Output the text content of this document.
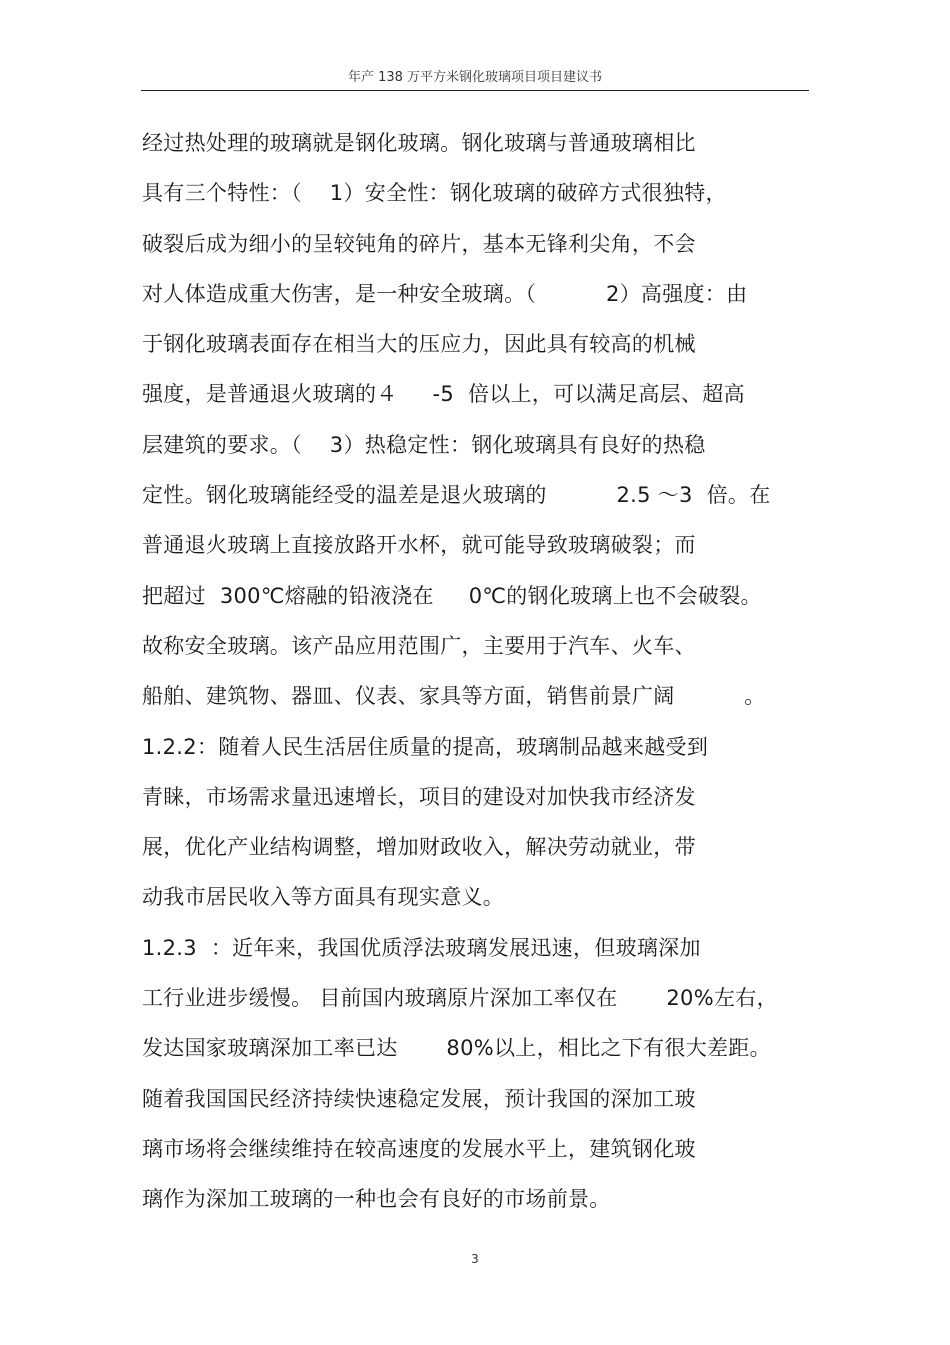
年产 138 万平方米钢化玻璃项目项目建议书
经过热处理的玻璃就是钢化玻璃。钢化玻璃与普通玻璃相比
具有三个特性：（    1）安全性：钢化玻璃的破碎方式很独特，
破裂后成为细小的呈较钝角的碎片，基本无锋利尖角，不会
对人体造成重大伤害，是一种安全玻璃。（          2）高强度：由
于钢化玻璃表面存在相当大的压应力，因此具有较高的机械
强度，是普通退火玻璃的４     -5  倍以上，可以满足高层、超高
层建筑的要求。（    3）热稳定性：钢化玻璃具有良好的热稳
定性。钢化玻璃能经受的温差是退火玻璃的          2.5 ～3  倍。在
普通退火玻璃上直接放路开水杯，就可能导致玻璃破裂；而
把超过  300℃熔融的铅液浇在     0℃的钢化玻璃上也不会破裂。
故称安全玻璃。该产品应用范围广，主要用于汽车、火车、
船舶、建筑物、器皿、仪表、家具等方面，销售前景广阔          。
1.2.2：随着人民生活居住质量的提高，玻璃制品越来越受到
青睐，市场需求量迅速增长，项目的建设对加快我市经济发
展，优化产业结构调整，增加财政收入，解决劳动就业，带
动我市居民收入等方面具有现实意义。
1.2.3  ：近年来，我国优质浮法玻璃发展迅速，但玻璃深加
工行业进步缓慢。 目前国内玻璃原片深加工率仅在       20%左右，
发达国家玻璃深加工率已达       80%以上，相比之下有很大差距。
随着我国国民经济持续快速稳定发展，预计我国的深加工玻
璃市场将会继续维持在较高速度的发展水平上，建筑钢化玻
璃作为深加工玻璃的一种也会有良好的市场前景。
3
